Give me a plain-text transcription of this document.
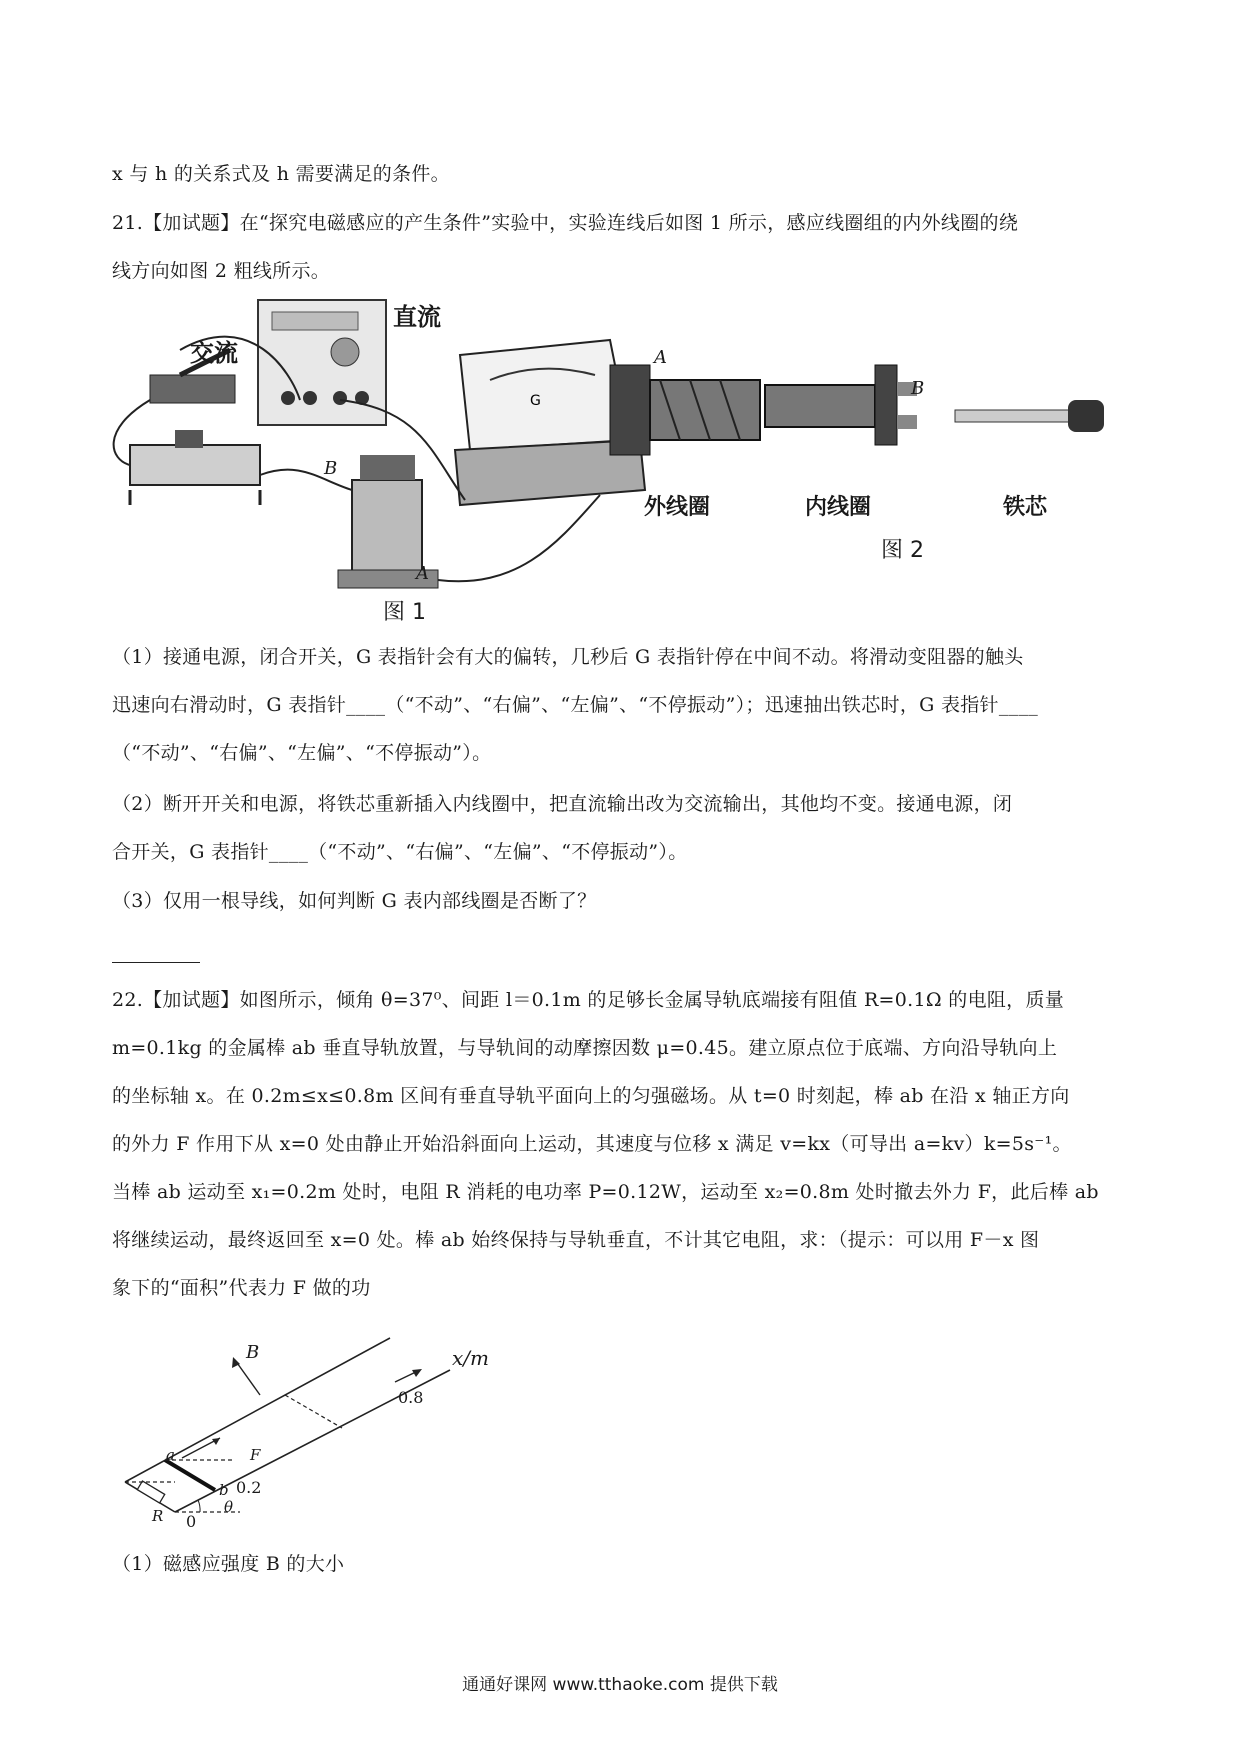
x 与 h 的关系式及 h 需要满足的条件。
21.【加试题】在“探究电磁感应的产生条件”实验中，实验连线后如图 1 所示，感应线圈组的内外线圈的绕
线方向如图 2 粗线所示。
G
交流
直流
B
A
图 1
A
B
外线圈	内线圈	铁芯
图 2
（1）接通电源，闭合开关，G 表指针会有大的偏转，几秒后 G 表指针停在中间不动。将滑动变阻器的触头
迅速向右滑动时，G 表指针____（“不动”、“右偏”、“左偏”、“不停振动”）；迅速抽出铁芯时，G 表指针____
（“不动”、“右偏”、“左偏”、“不停振动”）。
（2）断开开关和电源，将铁芯重新插入内线圈中，把直流输出改为交流输出，其他均不变。接通电源，闭
合开关，G 表指针____（“不动”、“右偏”、“左偏”、“不停振动”）。
（3）仅用一根导线，如何判断 G 表内部线圈是否断了？
22.【加试题】如图所示，倾角 θ=37⁰、间距 l＝0.1m 的足够长金属导轨底端接有阻值 R=0.1Ω 的电阻，质量
m=0.1kg 的金属棒 ab 垂直导轨放置，与导轨间的动摩擦因数 μ=0.45。建立原点位于底端、方向沿导轨向上
的坐标轴 x。在 0.2m≤x≤0.8m 区间有垂直导轨平面向上的匀强磁场。从 t=0 时刻起，棒 ab 在沿 x 轴正方向
的外力 F 作用下从 x=0 处由静止开始沿斜面向上运动，其速度与位移 x 满足 v=kx（可导出 a=kv）k=5s⁻¹。
当棒 ab 运动至 x₁=0.2m 处时，电阻 R 消耗的电功率 P=0.12W，运动至 x₂=0.8m 处时撤去外力 F，此后棒 ab
将继续运动，最终返回至 x=0 处。棒 ab 始终保持与导轨垂直，不计其它电阻，求：（提示：可以用 F－x 图
象下的“面积”代表力 F 做的功
B	x/m
0.8
a	F
b 0.2
θ
R 0
（1）磁感应强度 B 的大小
通通好课网 www.tthaoke.com 提供下载
